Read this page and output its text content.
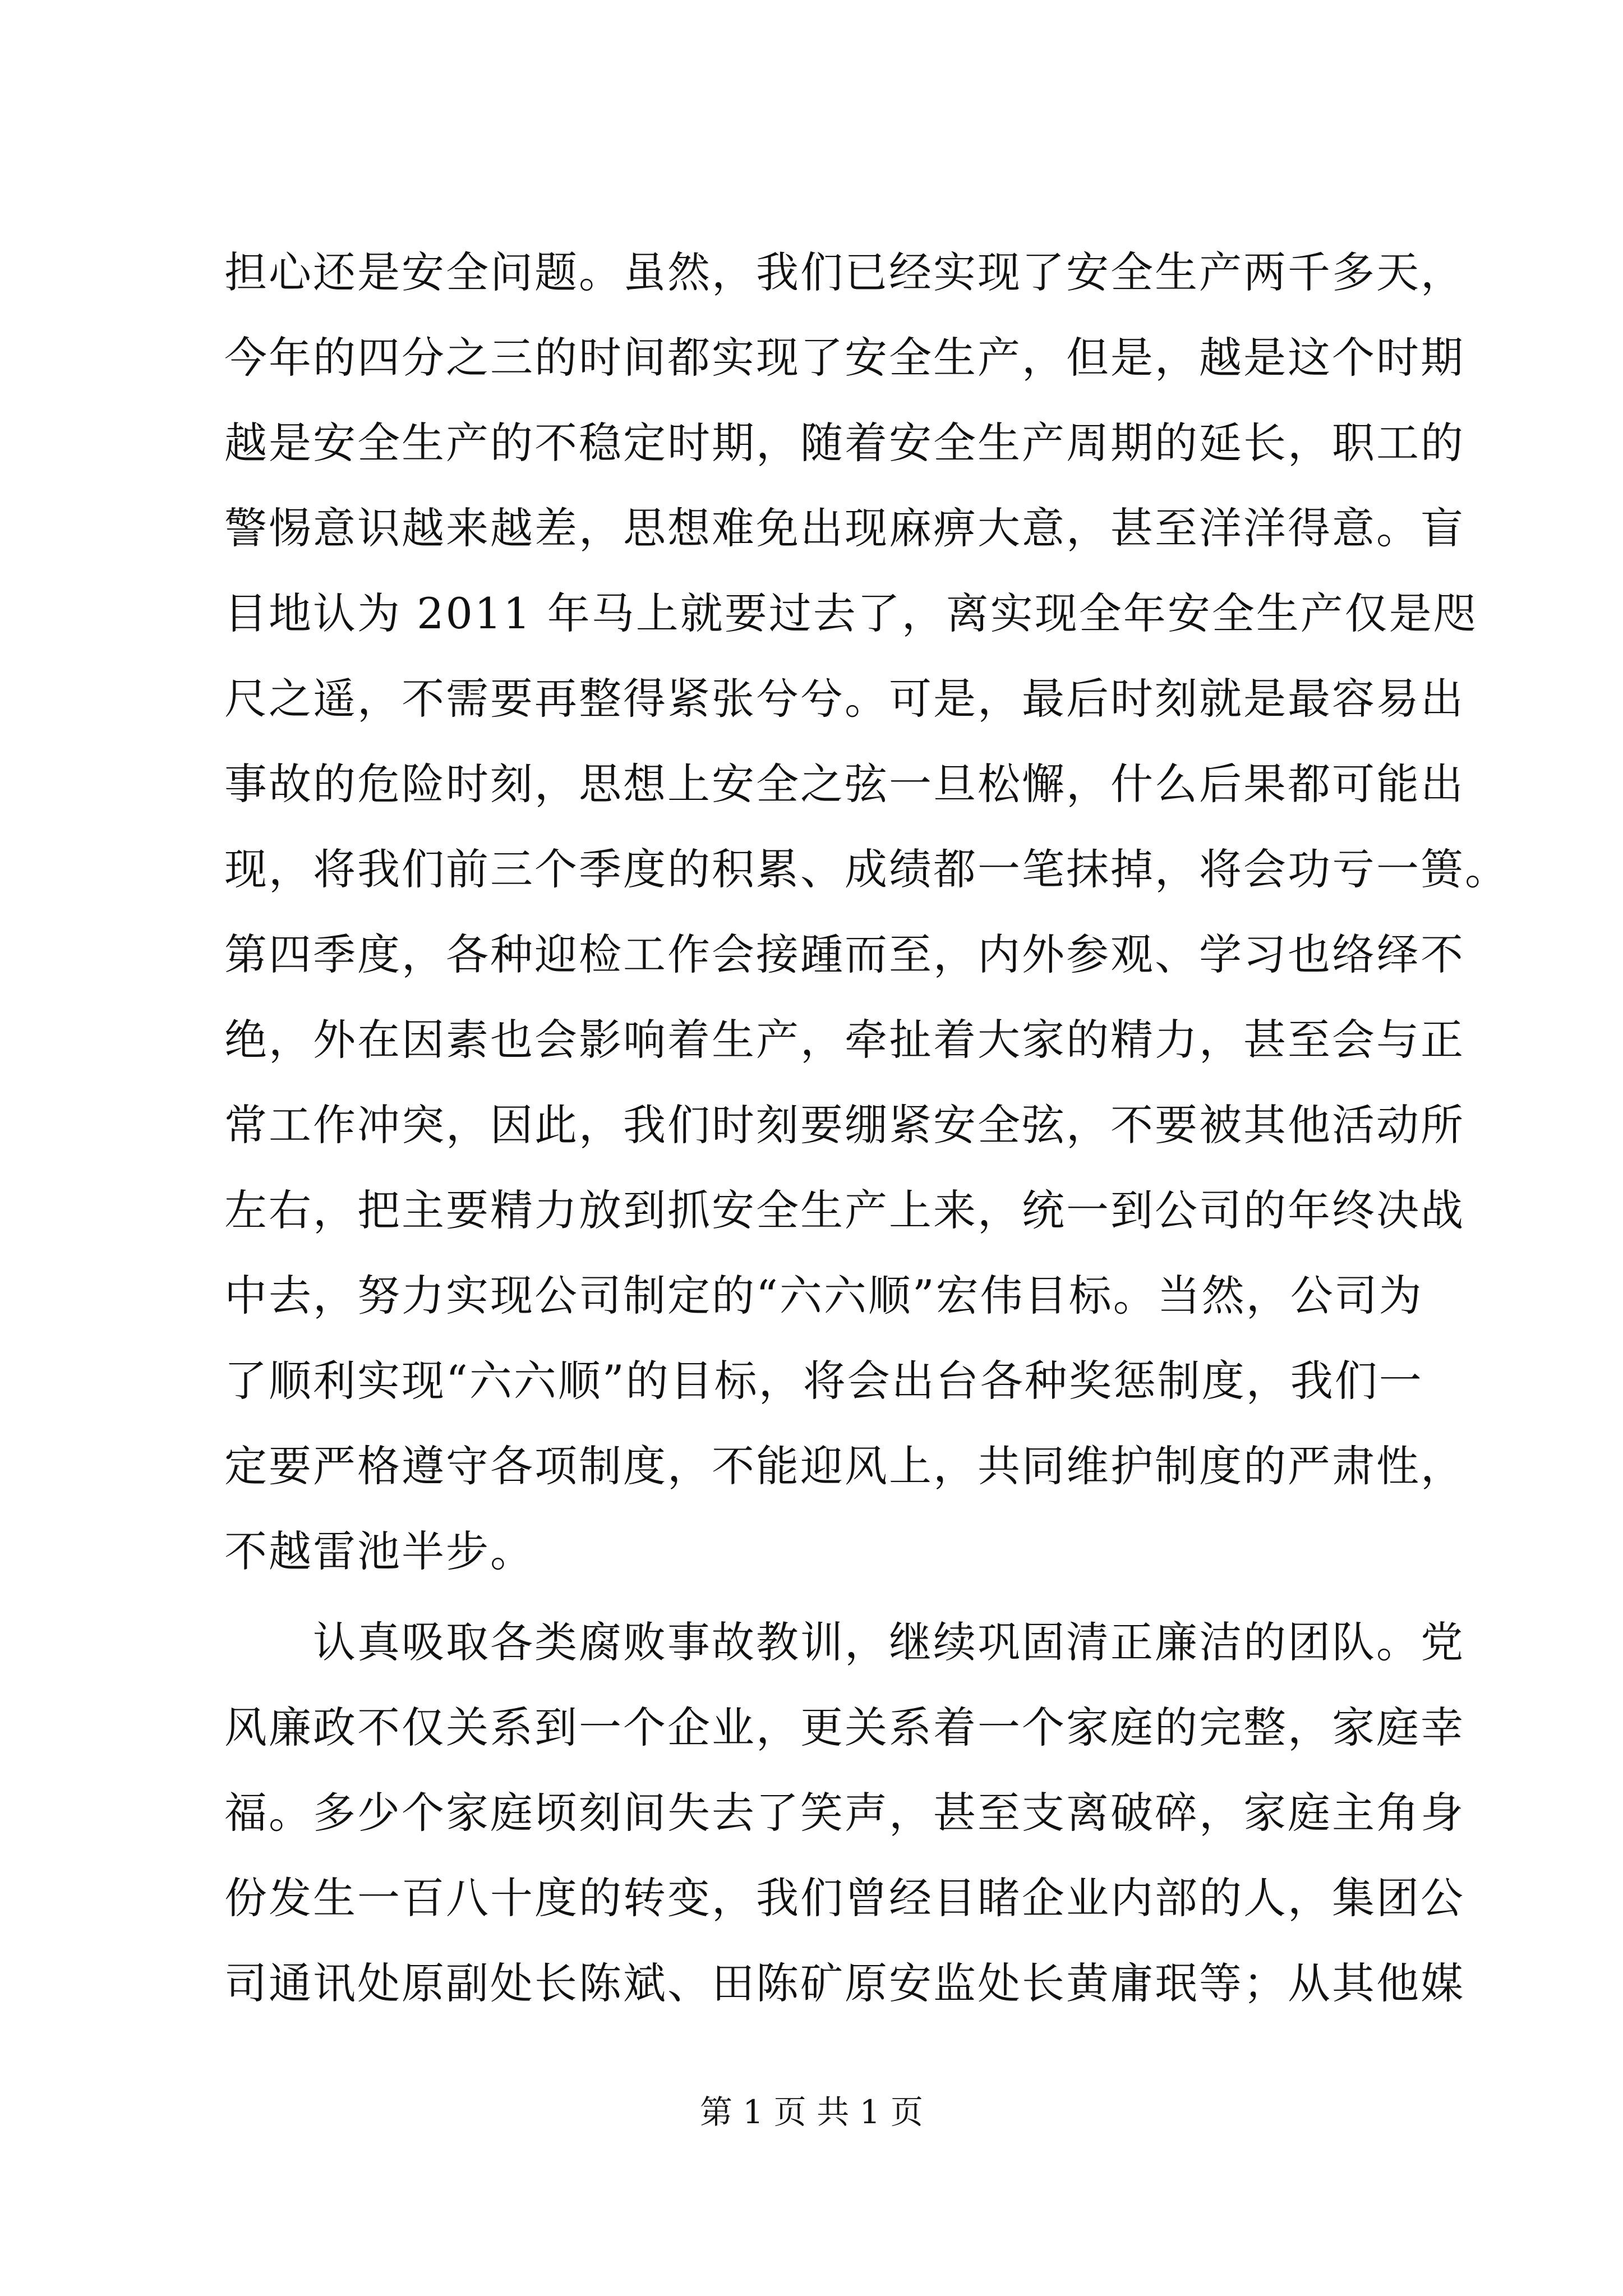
担心还是安全问题。虽然，我们已经实现了安全生产两千多天，
今年的四分之三的时间都实现了安全生产，但是，越是这个时期
越是安全生产的不稳定时期，随着安全生产周期的延长，职工的
警惕意识越来越差，思想难免出现麻痹大意，甚至洋洋得意。盲
目地认为 2011 年马上就要过去了，离实现全年安全生产仅是咫
尺之遥，不需要再整得紧张兮兮。可是，最后时刻就是最容易出
事故的危险时刻，思想上安全之弦一旦松懈，什么后果都可能出
现，将我们前三个季度的积累、成绩都一笔抹掉，将会功亏一篑。
第四季度，各种迎检工作会接踵而至，内外参观、学习也络绎不
绝，外在因素也会影响着生产，牵扯着大家的精力，甚至会与正
常工作冲突，因此，我们时刻要绷紧安全弦，不要被其他活动所
左右，把主要精力放到抓安全生产上来，统一到公司的年终决战
中去，努力实现公司制定的“六六顺”宏伟目标。当然，公司为
了顺利实现“六六顺”的目标，将会出台各种奖惩制度，我们一
定要严格遵守各项制度，不能迎风上，共同维护制度的严肃性，
不越雷池半步。
　　认真吸取各类腐败事故教训，继续巩固清正廉洁的团队。党
风廉政不仅关系到一个企业，更关系着一个家庭的完整，家庭幸
福。多少个家庭顷刻间失去了笑声，甚至支离破碎，家庭主角身
份发生一百八十度的转变，我们曾经目睹企业内部的人，集团公
司通讯处原副处长陈斌、田陈矿原安监处长黄庸珉等；从其他媒
第 1 页 共 1 页
